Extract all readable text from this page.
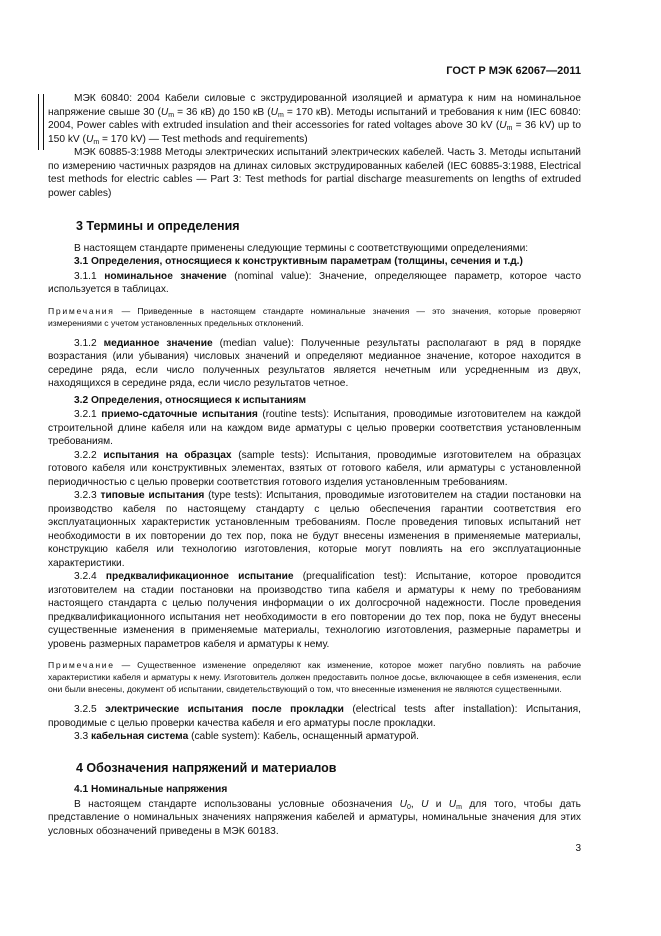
ГОСТ Р МЭК 62067—2011

МЭК 60840: 2004 Кабели силовые с экструдированной изоляцией и арматура к ним на номинальное напряжение свыше 30 ($U_m = 36$ кВ) до 150 кВ ($U_m = 170$ кВ). Методы испытаний и требования к ним (IEC 60840: 2004, Power cables with extruded insulation and their accessories for rated voltages above 30 kV ($U_m = 36$ kV) up to 150 kV ($U_m = 170$ kV) — Test methods and requirements)

МЭК 60885-3:1988 Методы электрических испытаний электрических кабелей. Часть 3. Методы испытаний по измерению частичных разрядов на длинах силовых экструдированных кабелей (IEC 60885-3:1988, Electrical test methods for electric cables — Part 3: Test methods for partial discharge measurements on lengths of extruded power cables)

3 Термины и определения

В настоящем стандарте применены следующие термины с соответствующими определениями:

3.1 Определения, относящиеся к конструктивным параметрам (толщины, сечения и т.д.)

3.1.1 номинальное значение (nominal value): Значение, определяющее параметр, которое часто используется в таблицах.

Примечания — Приведенные в настоящем стандарте номинальные значения — это значения, которые проверяют измерениями с учетом установленных предельных отклонений.

3.1.2 медианное значение (median value): Полученные результаты располагают в ряд в порядке возрастания (или убывания) числовых значений и определяют медианное значение, которое находится в середине ряда, если число полученных результатов является нечетным или усредненным из двух, находящихся в середине ряда, если число результатов четное.

3.2 Определения, относящиеся к испытаниям

3.2.1 приемо-сдаточные испытания (routine tests): Испытания, проводимые изготовителем на каждой строительной длине кабеля или на каждом виде арматуры с целью проверки соответствия установленным требованиям.

3.2.2 испытания на образцах (sample tests): Испытания, проводимые изготовителем на образцах готового кабеля или конструктивных элементах, взятых от готового кабеля, или арматуры с установленной периодичностью с целью проверки соответствия готового изделия установленным требованиям.

3.2.3 типовые испытания (type tests): Испытания, проводимые изготовителем на стадии постановки на производство кабеля по настоящему стандарту с целью обеспечения гарантии соответствия его эксплуатационных характеристик установленным требованиям. После проведения типовых испытаний нет необходимости в их повторении до тех пор, пока не будут внесены изменения в применяемые материалы, конструкцию кабеля или технологию изготовления, которые могут повлиять на его эксплуатационные характеристики.

3.2.4 предквалификационное испытание (prequalification test): Испытание, которое проводится изготовителем на стадии постановки на производство типа кабеля и арматуры к нему по требованиям настоящего стандарта с целью получения информации о их долгосрочной надежности. После проведения предквалификационного испытания нет необходимости в его повторении до тех пор, пока не будут внесены существенные изменения в применяемые материалы, технологию изготовления, размерные параметры и уровень размерных параметров кабеля и арматуры к нему.

Примечание — Существенное изменение определяют как изменение, которое может пагубно повлиять на рабочие характеристики кабеля и арматуры к нему. Изготовитель должен предоставить полное досье, включающее в себя изменения, если они были внесены, документ об испытании, свидетельствующий о том, что внесенные изменения не являются существенными.

3.2.5 электрические испытания после прокладки (electrical tests after installation): Испытания, проводимые с целью проверки качества кабеля и его арматуры после прокладки.

3.3 кабельная система (cable system): Кабель, оснащенный арматурой.

4 Обозначения напряжений и материалов
4.1 Номинальные напряжения

В настоящем стандарте использованы условные обозначения $U_0$, U и $U_m$ для того, чтобы дать представление о номинальных значениях напряжения кабелей и арматуры, номинальные значения для этих условных обозначений приведены в МЭК 60183.

3
